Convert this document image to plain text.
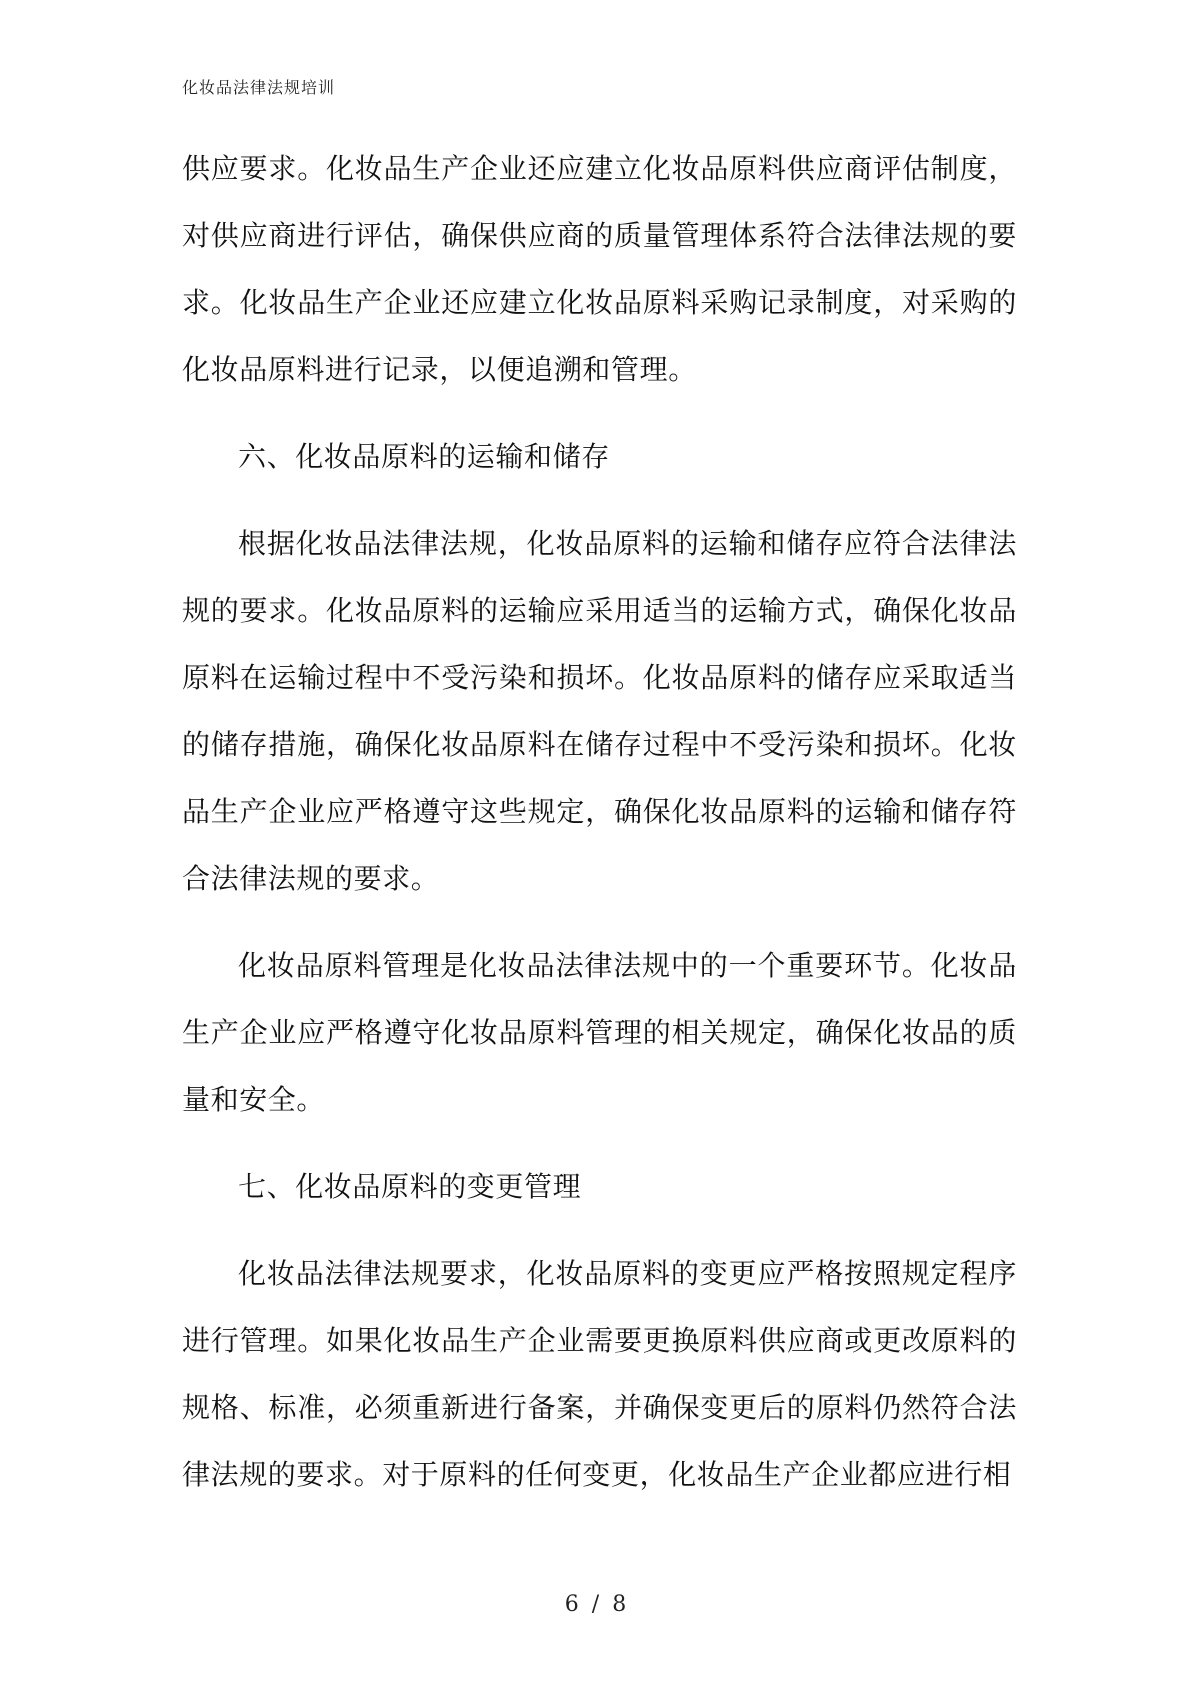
化妆品法律法规培训

供应要求。化妆品生产企业还应建立化妆品原料供应商评估制度，对供应商进行评估，确保供应商的质量管理体系符合法律法规的要求。化妆品生产企业还应建立化妆品原料采购记录制度，对采购的化妆品原料进行记录，以便追溯和管理。

六、化妆品原料的运输和储存

根据化妆品法律法规，化妆品原料的运输和储存应符合法律法规的要求。化妆品原料的运输应采用适当的运输方式，确保化妆品原料在运输过程中不受污染和损坏。化妆品原料的储存应采取适当的储存措施，确保化妆品原料在储存过程中不受污染和损坏。化妆品生产企业应严格遵守这些规定，确保化妆品原料的运输和储存符合法律法规的要求。

化妆品原料管理是化妆品法律法规中的一个重要环节。化妆品生产企业应严格遵守化妆品原料管理的相关规定，确保化妆品的质量和安全。

七、化妆品原料的变更管理

化妆品法律法规要求，化妆品原料的变更应严格按照规定程序进行管理。如果化妆品生产企业需要更换原料供应商或更改原料的规格、标准，必须重新进行备案，并确保变更后的原料仍然符合法律法规的要求。对于原料的任何变更，化妆品生产企业都应进行相

6 / 8
